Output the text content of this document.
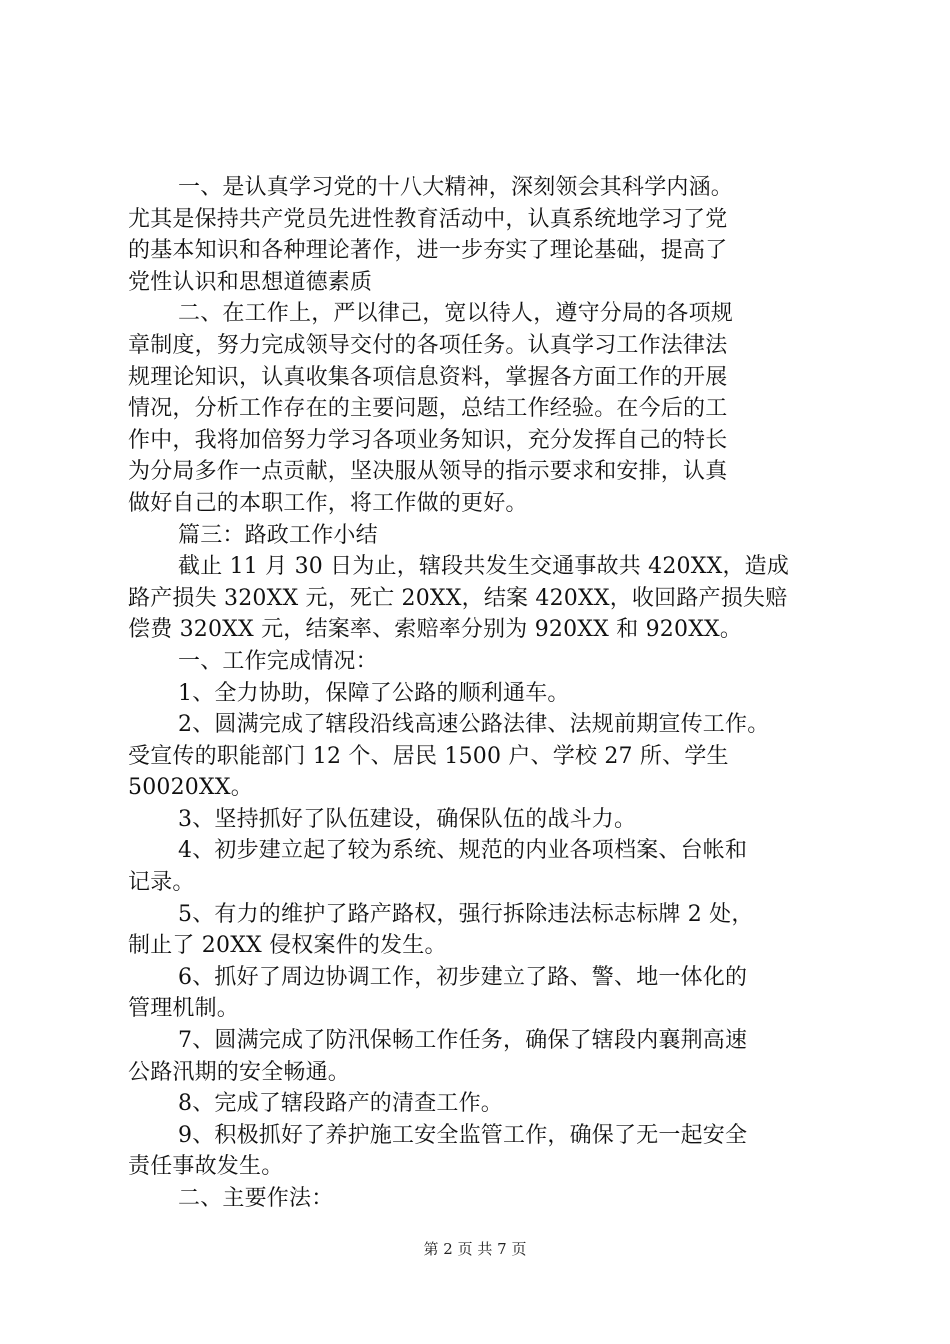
一、是认真学习党的十八大精神，深刻领会其科学内涵。
尤其是保持共产党员先进性教育活动中，认真系统地学习了党
的基本知识和各种理论著作，进一步夯实了理论基础，提高了
党性认识和思想道德素质
二、在工作上，严以律己，宽以待人，遵守分局的各项规
章制度，努力完成领导交付的各项任务。认真学习工作法律法
规理论知识，认真收集各项信息资料，掌握各方面工作的开展
情况，分析工作存在的主要问题，总结工作经验。在今后的工
作中，我将加倍努力学习各项业务知识，充分发挥自己的特长
为分局多作一点贡献，坚决服从领导的指示要求和安排，认真
做好自己的本职工作，将工作做的更好。
篇三：路政工作小结
截止 11 月 30 日为止，辖段共发生交通事故共 420XX，造成
路产损失 320XX 元，死亡 20XX，结案 420XX，收回路产损失赔
偿费 320XX 元，结案率、索赔率分别为 920XX 和 920XX。
一、工作完成情况：
1、全力协助，保障了公路的顺利通车。
2、圆满完成了辖段沿线高速公路法律、法规前期宣传工作。
受宣传的职能部门 12 个、居民 1500 户、学校 27 所、学生
50020XX。
3、坚持抓好了队伍建设，确保队伍的战斗力。
4、初步建立起了较为系统、规范的内业各项档案、台帐和
记录。
5、有力的维护了路产路权，强行拆除违法标志标牌 2 处，
制止了 20XX 侵权案件的发生。
6、抓好了周边协调工作，初步建立了路、警、地一体化的
管理机制。
7、圆满完成了防汛保畅工作任务，确保了辖段内襄荆高速
公路汛期的安全畅通。
8、完成了辖段路产的清查工作。
9、积极抓好了养护施工安全监管工作，确保了无一起安全
责任事故发生。
二、主要作法：
第 2 页 共 7 页
